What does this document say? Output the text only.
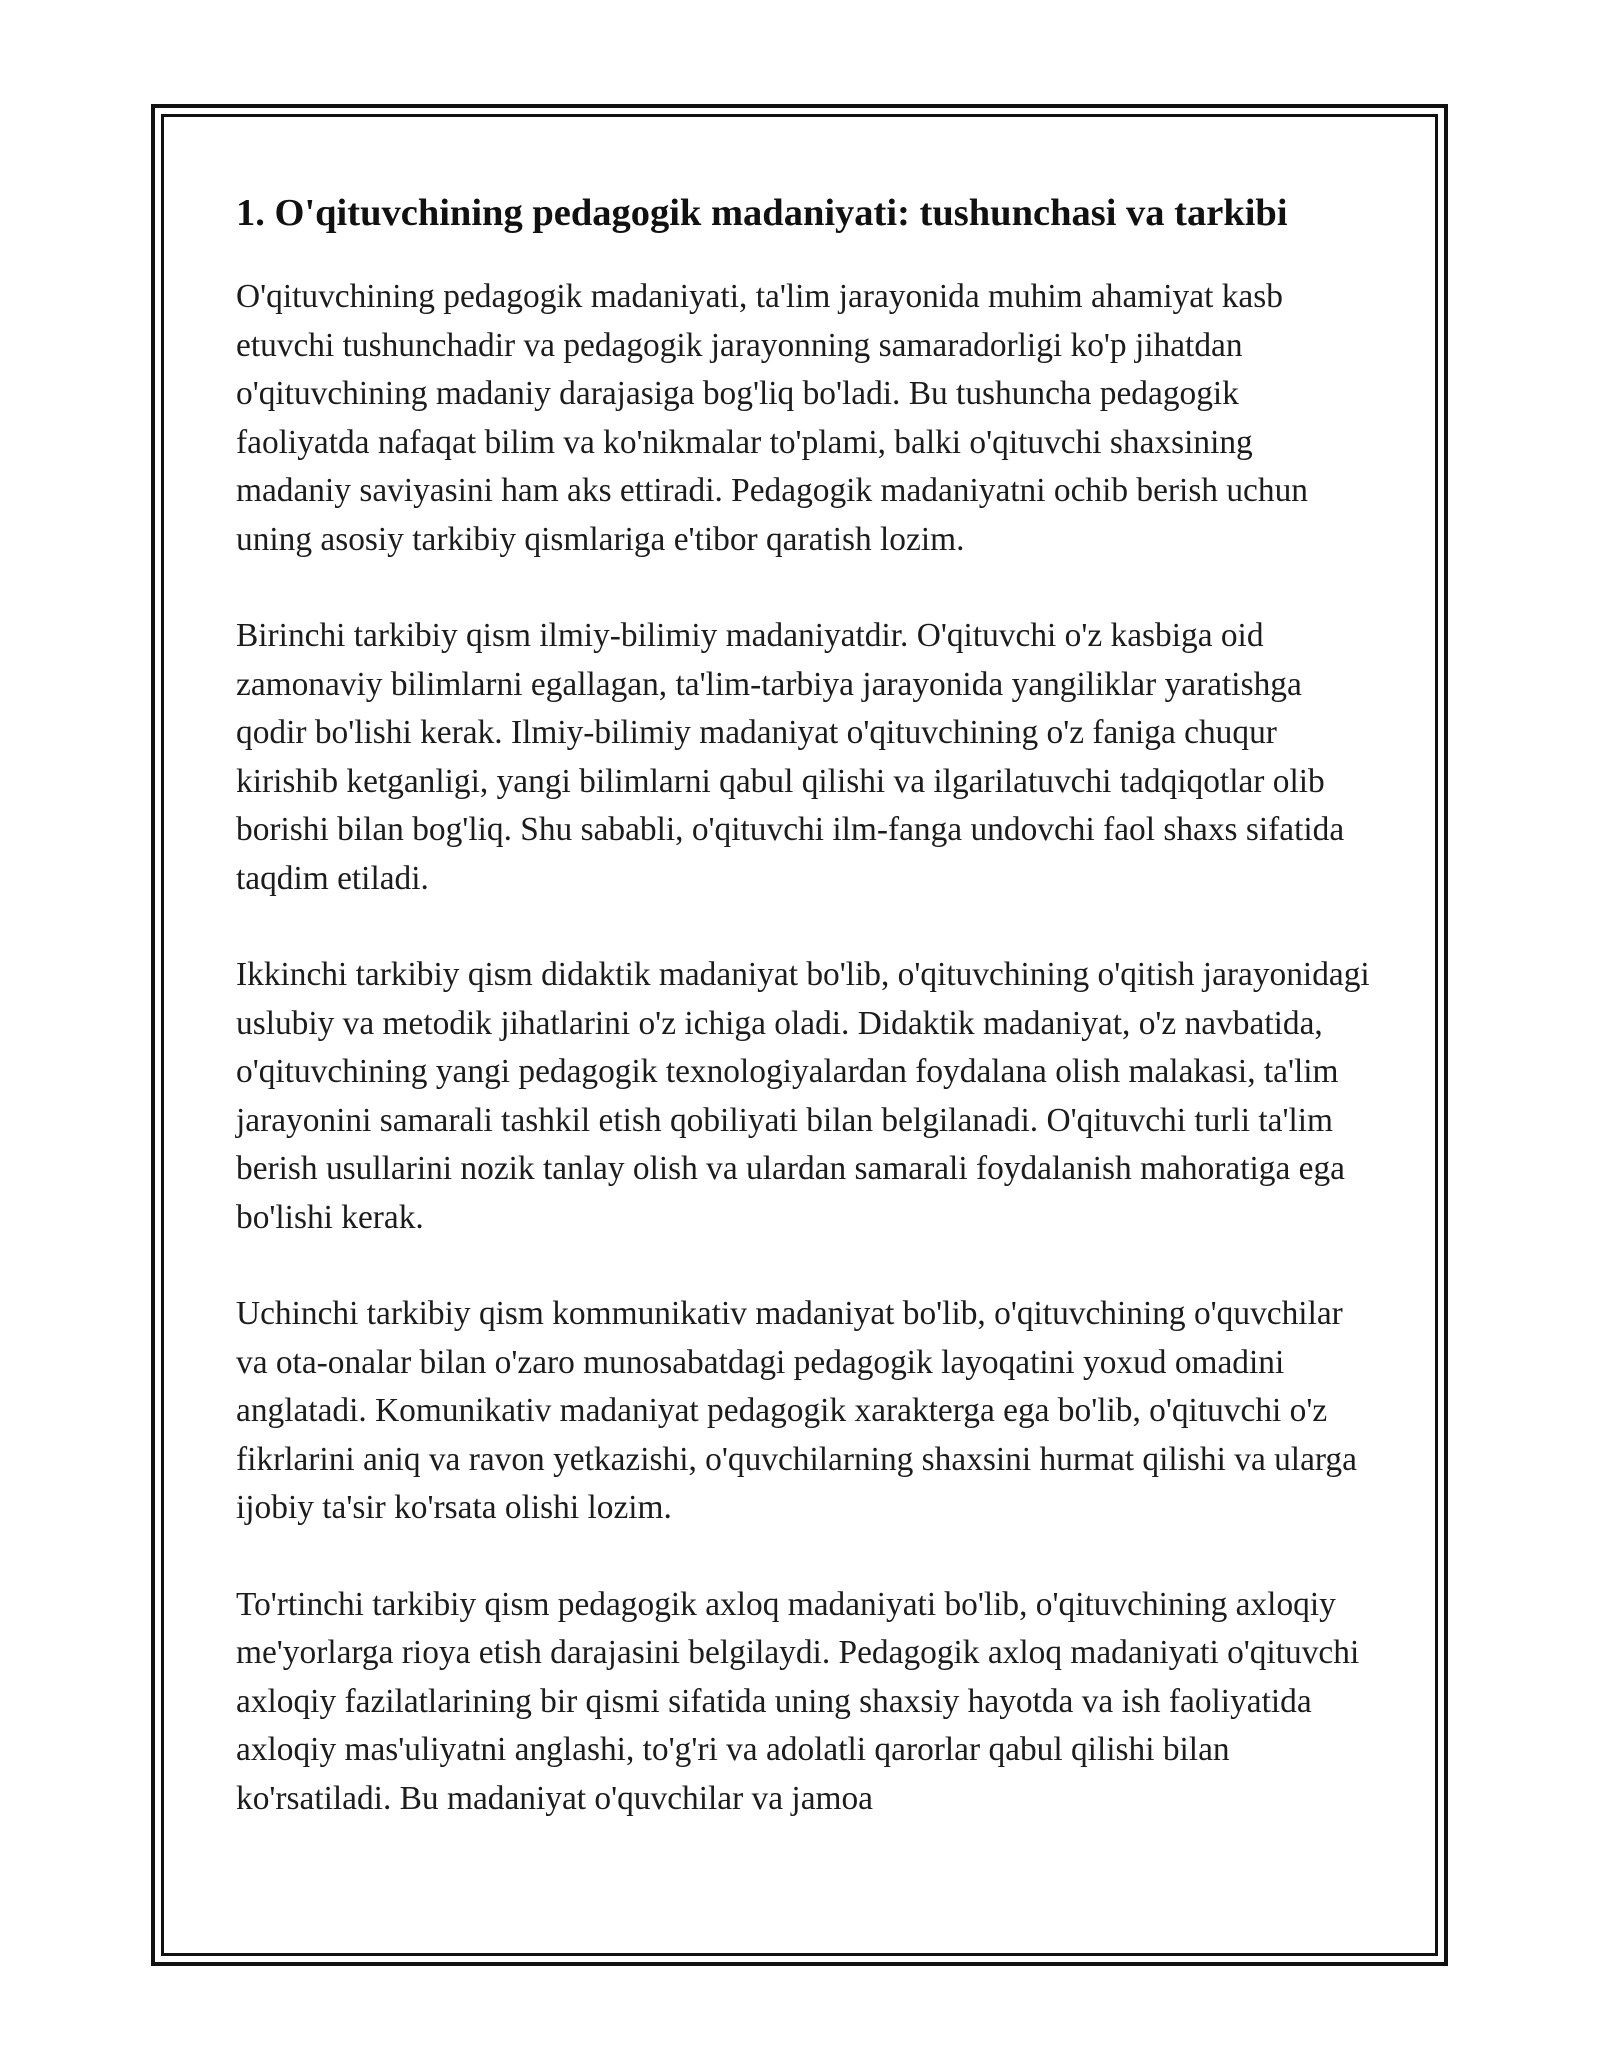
1. O'qituvchining pedagogik madaniyati: tushunchasi va tarkibi

O'qituvchining pedagogik madaniyati, ta'lim jarayonida muhim ahamiyat kasb etuvchi tushunchadir va pedagogik jarayonning samaradorligi ko'p jihatdan o'qituvchining madaniy darajasiga bog'liq bo'ladi. Bu tushuncha pedagogik faoliyatda nafaqat bilim va ko'nikmalar to'plami, balki o'qituvchi shaxsining madaniy saviyasini ham aks ettiradi. Pedagogik madaniyatni ochib berish uchun uning asosiy tarkibiy qismlariga e'tibor qaratish lozim.

Birinchi tarkibiy qism ilmiy-bilimiy madaniyatdir. O'qituvchi o'z kasbiga oid zamonaviy bilimlarni egallagan, ta'lim-tarbiya jarayonida yangiliklar yaratishga qodir bo'lishi kerak. Ilmiy-bilimiy madaniyat o'qituvchining o'z faniga chuqur kirishib ketganligi, yangi bilimlarni qabul qilishi va ilgarilatuvchi tadqiqotlar olib borishi bilan bog'liq. Shu sababli, o'qituvchi ilm-fanga undovchi faol shaxs sifatida taqdim etiladi.

Ikkinchi tarkibiy qism didaktik madaniyat bo'lib, o'qituvchining o'qitish jarayonidagi uslubiy va metodik jihatlarini o'z ichiga oladi. Didaktik madaniyat, o'z navbatida, o'qituvchining yangi pedagogik texnologiyalardan foydalana olish malakasi, ta'lim jarayonini samarali tashkil etish qobiliyati bilan belgilanadi. O'qituvchi turli ta'lim berish usullarini nozik tanlay olish va ulardan samarali foydalanish mahoratiga ega bo'lishi kerak.

Uchinchi tarkibiy qism kommunikativ madaniyat bo'lib, o'qituvchining o'quvchilar va ota-onalar bilan o'zaro munosabatdagi pedagogik layoqatini yoxud omadini anglatadi. Komunikativ madaniyat pedagogik xarakterga ega bo'lib, o'qituvchi o'z fikrlarini aniq va ravon yetkazishi, o'quvchilarning shaxsini hurmat qilishi va ularga ijobiy ta'sir ko'rsata olishi lozim.

To'rtinchi tarkibiy qism pedagogik axloq madaniyati bo'lib, o'qituvchining axloqiy me'yorlarga rioya etish darajasini belgilaydi. Pedagogik axloq madaniyati o'qituvchi axloqiy fazilatlarining bir qismi sifatida uning shaxsiy hayotda va ish faoliyatida axloqiy mas'uliyatni anglashi, to'g'ri va adolatli qarorlar qabul qilishi bilan ko'rsatiladi. Bu madaniyat o'quvchilar va jamoa
